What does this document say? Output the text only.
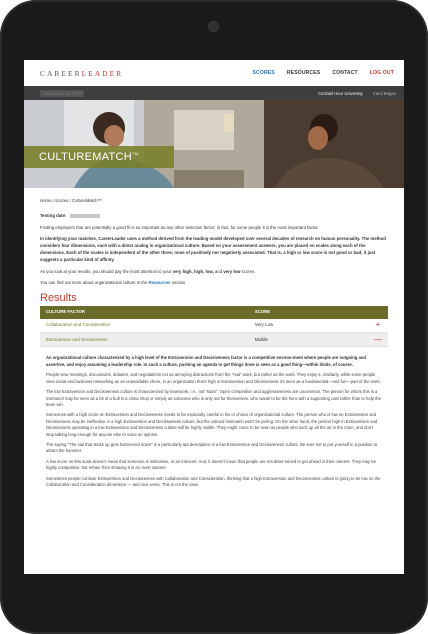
CAREERLEADER	SCORES RESOURCES CONTACT LOG OUT
September 18, 2018	Cocktail Hour University Carol Bogan
CULTUREMATCH™
Home / Scores / CultureMatch™
Testing date:

Finding employers that are potentially a good fit is as important as any other selection factor; in fact, for some people it is the most important factor.

In identifying your matches, CareerLeader uses a method derived from the leading model developed over several decades of research on human personality. The method considers four dimensions, each with a direct analog in organizational culture. Based on your assessment answers, you are placed on scales along each of the dimensions. Each of the scales is independent of the other three; none of positively nor negatively associated. That is, a high or low score is not good or bad; it just suggests a particular kind of affinity.

As you look at your results, you should pay the most attention to your very high, high, low, and very low scores.

You can find out more about organizational culture in the Resources section.

Results
CULTURE FACTOR	SCORE	
Collaboration and Consideration	Very Low	+
Extraversion and Decisiveness	Middle	—

An organizational culture characterized by a high level of the Extraversion and Decisiveness factor is a competitive environ-ment where people are outgoing and assertive, and enjoy assuming a leadership role. In such a culture, pushing an agenda to get things done is seen as a good thing—within limits, of course.

People view meetings, discussions, debates, and negotiations not as annoying distractions from the "real" work, but rather as the work. They enjoy it. Similarly, while some people view social and business networking as an unavoidable chore, in an organization that's high in Extraversion and Decisiveness it's seen as a fundamental—and fun—part of the work.

The low Extraversion and Decisiveness culture is characterized by teamwork, i.e., not "stars". Open competition and aggressiveness are uncommon. The person for whom this is a mismatch may be seen as a bit of a bull in a china shop or simply as someone who is only out for themselves: who wants to be the hero with a supporting cast rather than to help the team win.

Someones with a high score on Extraversion and Decisiveness needs to be especially careful in his or choice of organizational culture. The person who is low on Extraversion and Decisiveness may be ineffective in a high Extraversion and Decisiveness culture, but the cultural mismatch won't be jarring. On the other hand, the person high in Extraversion and Decisiveness operating in a low Extraversion and Decisiveness culture will be highly visible. They might come to be seen as people who suck up all the air in the room, and don't stop talking long enough for anyone else to voice an opinion.

The saying "The nail that sticks up gets hammered down" is a particularly apt description of a low Extraversion and Decisiveness culture. Be sure not to put yourself in a position to attract the hammer.

A low score on this scale doesn't mean that someone is indecisive, or an introvert. And, it doesn't mean that people are not deter-mined to get ahead in their careers. They may be highly competitive, but refrain from showing it in an overt manner.

Sometimes people confuse Extraversion and Decisiveness with Collaboration and Consideration, thinking that a high Extraversion and Decisiveness culture is going to be low on the Collaboration and Consideration dimension — and vice versa. This is not the case.
